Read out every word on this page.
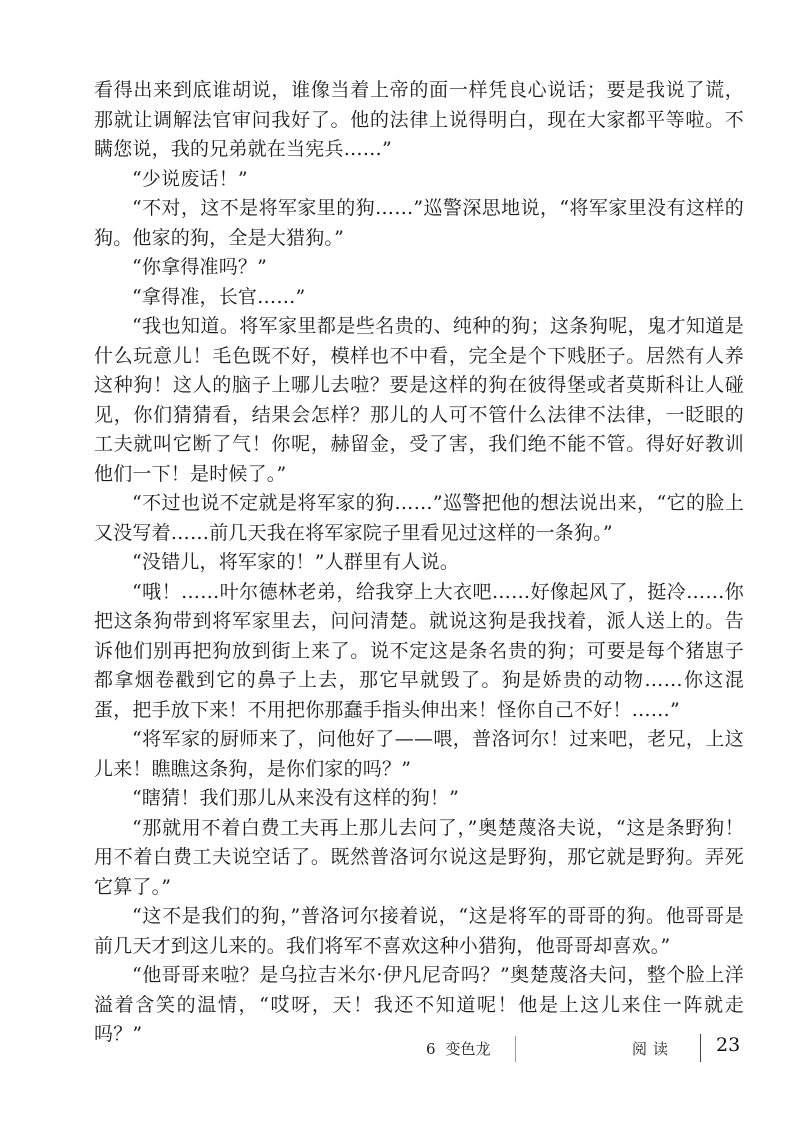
看得出来到底谁胡说，谁像当着上帝的面一样凭良心说话；要是我说了谎，那就让调解法官审问我好了。他的法律上说得明白，现在大家都平等啦。不瞒您说，我的兄弟就在当宪兵……”

“少说废话！”

“不对，这不是将军家里的狗……”巡警深思地说，“将军家里没有这样的狗。他家的狗，全是大猎狗。”

“你拿得准吗？”

“拿得准，长官……”

“我也知道。将军家里都是些名贵的、纯种的狗；这条狗呢，鬼才知道是什么玩意儿！毛色既不好，模样也不中看，完全是个下贱胚子。居然有人养这种狗！这人的脑子上哪儿去啦？要是这样的狗在彼得堡或者莫斯科让人碰见，你们猜猜看，结果会怎样？那儿的人可不管什么法律不法律，一眨眼的工夫就叫它断了气！你呢，赫留金，受了害，我们绝不能不管。得好好教训他们一下！是时候了。”

“不过也说不定就是将军家的狗……”巡警把他的想法说出来，“它的脸上又没写着……前几天我在将军家院子里看见过这样的一条狗。”

“没错儿，将军家的！”人群里有人说。

“哦！……叶尔德林老弟，给我穿上大衣吧……好像起风了，挺冷……你把这条狗带到将军家里去，问问清楚。就说这狗是我找着，派人送上的。告诉他们别再把狗放到街上来了。说不定这是条名贵的狗；可要是每个猪崽子都拿烟卷戳到它的鼻子上去，那它早就毁了。狗是娇贵的动物……你这混蛋，把手放下来！不用把你那蠢手指头伸出来！怪你自己不好！……”

“将军家的厨师来了，问他好了——喂，普洛诃尔！过来吧，老兄，上这儿来！瞧瞧这条狗，是你们家的吗？”

“瞎猜！我们那儿从来没有这样的狗！”

“那就用不着白费工夫再上那儿去问了，”奥楚蔑洛夫说，“这是条野狗！用不着白费工夫说空话了。既然普洛诃尔说这是野狗，那它就是野狗。弄死它算了。”

“这不是我们的狗，”普洛诃尔接着说，“这是将军的哥哥的狗。他哥哥是前几天才到这儿来的。我们将军不喜欢这种小猎狗，他哥哥却喜欢。”

“他哥哥来啦？是乌拉吉米尔·伊凡尼奇吗？”奥楚蔑洛夫问，整个脸上洋溢着含笑的温情，“哎呀，天！我还不知道呢！他是上这儿来住一阵就走吗？”

6 变色龙	阅读 23
